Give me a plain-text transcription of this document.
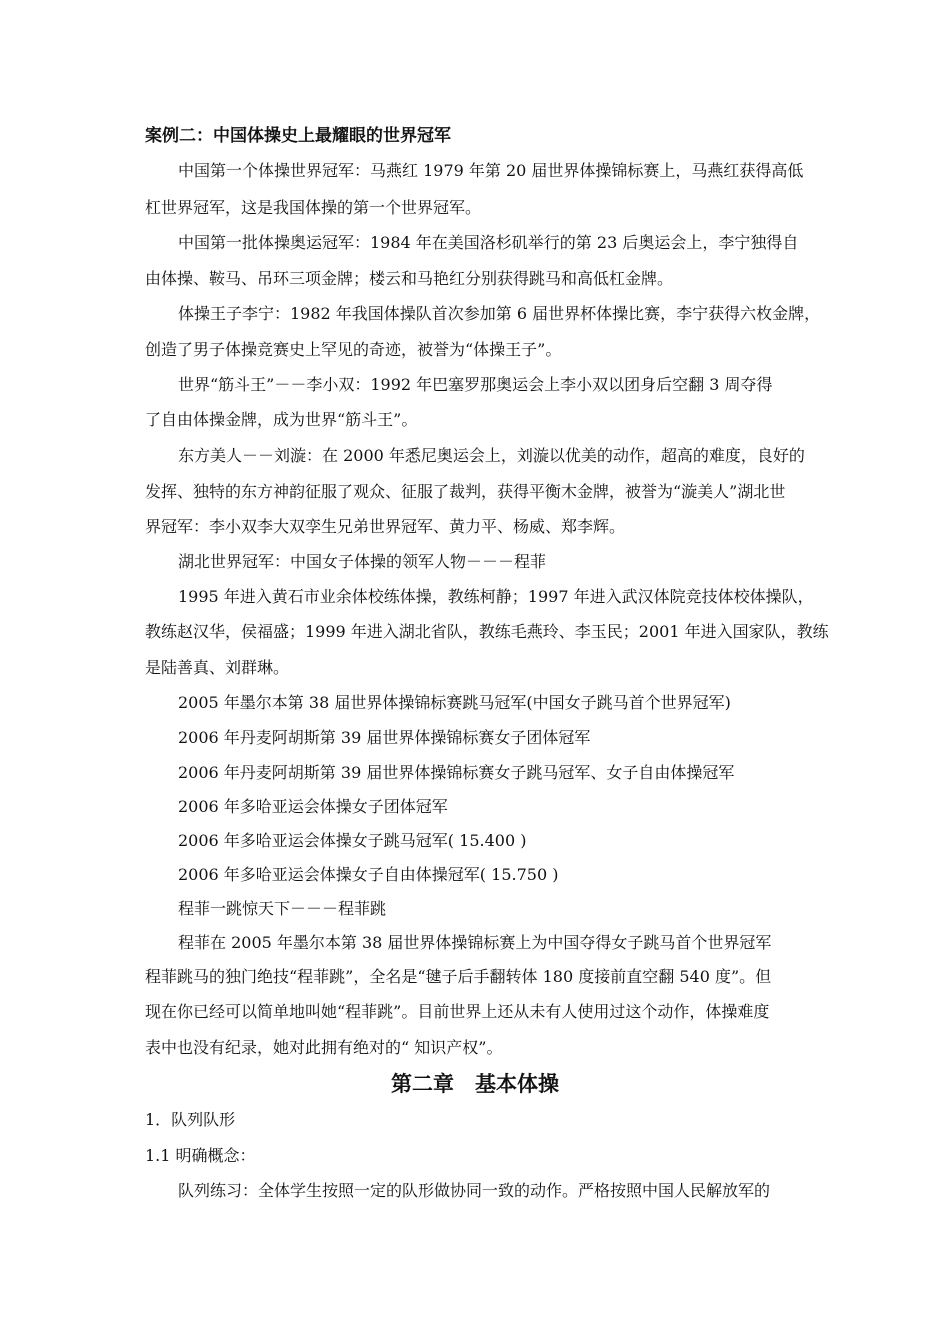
案例二：中国体操史上最耀眼的世界冠军
中国第一个体操世界冠军：马燕红 1979 年第 20 届世界体操锦标赛上，马燕红获得高低
杠世界冠军，这是我国体操的第一个世界冠军。
中国第一批体操奥运冠军：1984 年在美国洛杉矶举行的第 23 后奥运会上，李宁独得自
由体操、鞍马、吊环三项金牌；楼云和马艳红分别获得跳马和高低杠金牌。
体操王子李宁：1982 年我国体操队首次参加第 6 届世界杯体操比赛，李宁获得六枚金牌，
创造了男子体操竞赛史上罕见的奇迹，被誉为“体操王子”。
世界“筋斗王”－－李小双：1992 年巴塞罗那奥运会上李小双以团身后空翻 3 周夺得
了自由体操金牌，成为世界“筋斗王”。
东方美人－－刘漩：在 2000 年悉尼奥运会上，刘漩以优美的动作，超高的难度，良好的
发挥、独特的东方神韵征服了观众、征服了裁判，获得平衡木金牌，被誉为“漩美人”湖北世
界冠军：李小双李大双孪生兄弟世界冠军、黄力平、杨威、郑李辉。
湖北世界冠军：中国女子体操的领军人物－－－程菲
1995 年进入黄石市业余体校练体操，教练柯静；1997 年进入武汉体院竞技体校体操队，
教练赵汉华，侯福盛；1999 年进入湖北省队，教练毛燕玲、李玉民；2001 年进入国家队，教练
是陆善真、刘群琳。
2005 年墨尔本第 38 届世界体操锦标赛跳马冠军(中国女子跳马首个世界冠军)
2006 年丹麦阿胡斯第 39 届世界体操锦标赛女子团体冠军
2006 年丹麦阿胡斯第 39 届世界体操锦标赛女子跳马冠军、女子自由体操冠军
2006 年多哈亚运会体操女子团体冠军
2006 年多哈亚运会体操女子跳马冠军( 15.400 )
2006 年多哈亚运会体操女子自由体操冠军( 15.750 )
程菲一跳惊天下－－－程菲跳
程菲在 2005 年墨尔本第 38 届世界体操锦标赛上为中国夺得女子跳马首个世界冠军
程菲跳马的独门绝技“程菲跳”，全名是“毽子后手翻转体 180 度接前直空翻 540 度”。但
现在你已经可以简单地叫她“程菲跳”。目前世界上还从未有人使用过这个动作，体操难度
表中也没有纪录，她对此拥有绝对的“ 知识产权”。
第二章　基本体操
1．队列队形
1.1 明确概念：
队列练习：全体学生按照一定的队形做协同一致的动作。严格按照中国人民解放军的
